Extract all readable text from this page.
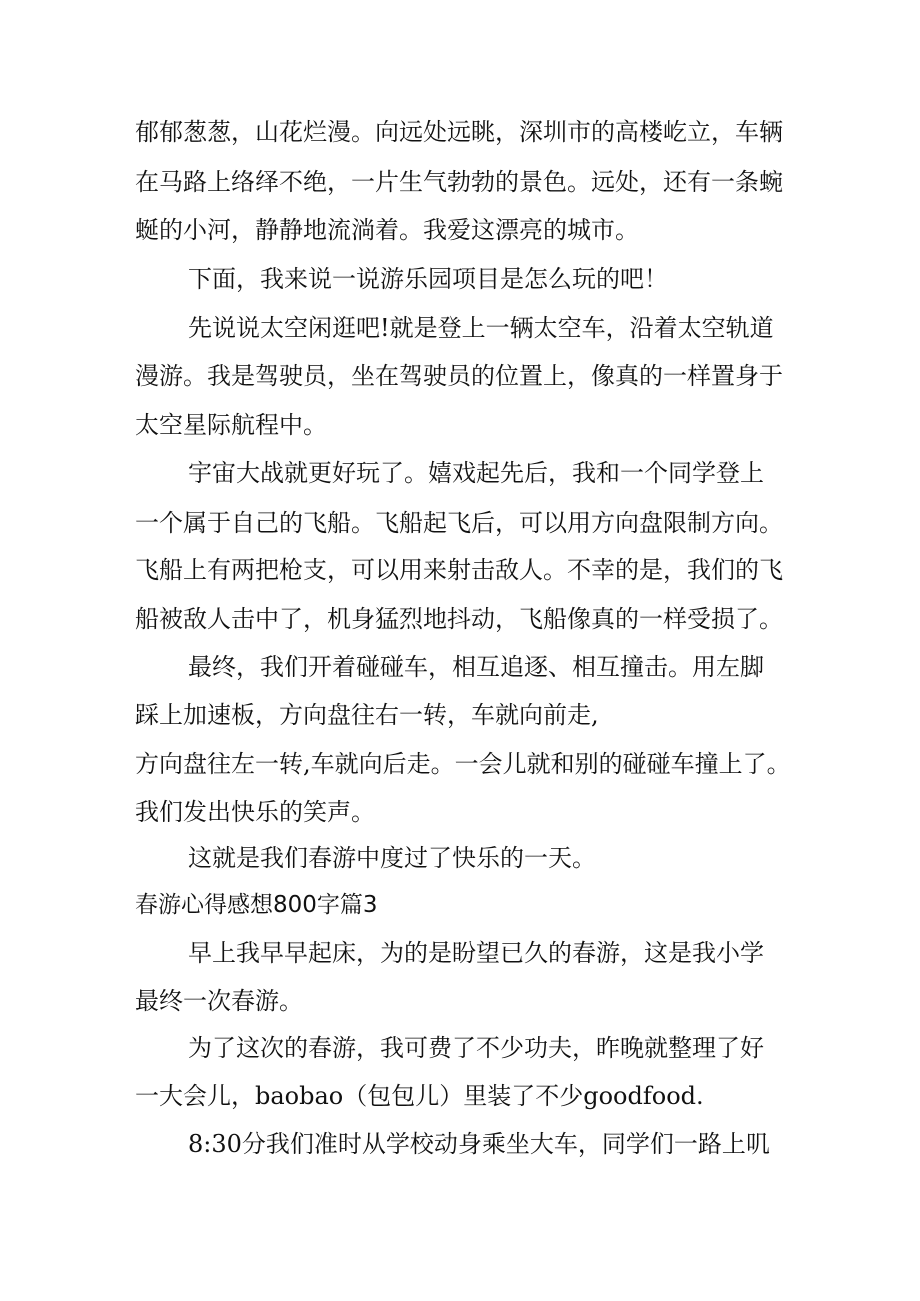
郁郁葱葱，山花烂漫。向远处远眺，深圳市的高楼屹立，车辆
在马路上络绎不绝，一片生气勃勃的景色。远处，还有一条蜿
蜒的小河，静静地流淌着。我爱这漂亮的城市。
下面，我来说一说游乐园项目是怎么玩的吧！
先说说太空闲逛吧!就是登上一辆太空车，沿着太空轨道
漫游。我是驾驶员，坐在驾驶员的位置上，像真的一样置身于
太空星际航程中。
宇宙大战就更好玩了。嬉戏起先后，我和一个同学登上
一个属于自己的飞船。飞船起飞后，可以用方向盘限制方向。
飞船上有两把枪支，可以用来射击敌人。不幸的是，我们的飞
船被敌人击中了，机身猛烈地抖动，飞船像真的一样受损了。
最终，我们开着碰碰车，相互追逐、相互撞击。用左脚
踩上加速板，方向盘往右一转，车就向前走,
方向盘往左一转,车就向后走。一会儿就和别的碰碰车撞上了。
我们发出快乐的笑声。
这就是我们春游中度过了快乐的一天。
春游心得感想800字篇3
早上我早早起床，为的是盼望已久的春游，这是我小学
最终一次春游。
为了这次的春游，我可费了不少功夫，昨晚就整理了好
一大会儿，baobao（包包儿）里装了不少goodfood.
8:30分我们准时从学校动身乘坐大车，同学们一路上叽
